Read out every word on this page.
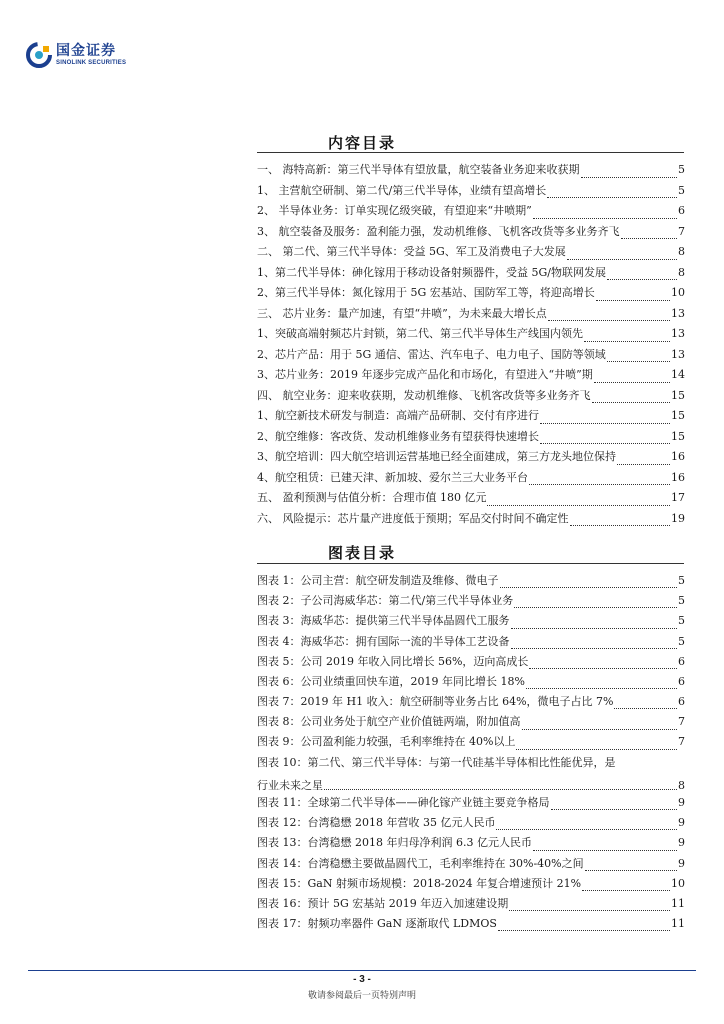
国金证券
SINOLINK SECURITIES
内容目录
一、 海特高新：第三代半导体有望放量，航空装备业务迎来收获期	5
1、 主营航空研制、第二代/第三代半导体，业绩有望高增长	5
2、 半导体业务：订单实现亿级突破，有望迎来“井喷期”	6
3、 航空装备及服务：盈利能力强，发动机维修、飞机客改货等多业务齐飞	7
二、 第二代、第三代半导体：受益 5G、军工及消费电子大发展	8
1、第二代半导体：砷化镓用于移动设备射频器件，受益 5G/物联网发展	8
2、第三代半导体：氮化镓用于 5G 宏基站、国防军工等，将迎高增长	10
三、 芯片业务：量产加速，有望“井喷”，为未来最大增长点	13
1、突破高端射频芯片封锁，第二代、第三代半导体生产线国内领先	13
2、芯片产品：用于 5G 通信、雷达、汽车电子、电力电子、国防等领域	13
3、芯片业务：2019 年逐步完成产品化和市场化，有望进入“井喷”期	14
四、 航空业务：迎来收获期，发动机维修、飞机客改货等多业务齐飞	15
1、航空新技术研发与制造：高端产品研制、交付有序进行	15
2、航空维修：客改货、发动机维修业务有望获得快速增长	15
3、航空培训：四大航空培训运营基地已经全面建成，第三方龙头地位保持	16
4、航空租赁：已建天津、新加坡、爱尔兰三大业务平台	16
五、 盈利预测与估值分析：合理市值 180 亿元	17
六、 风险提示：芯片量产进度低于预期；军品交付时间不确定性	19
图表目录
图表 1：公司主营：航空研发制造及维修、微电子	5
图表 2：子公司海威华芯：第二代/第三代半导体业务	5
图表 3：海威华芯：提供第三代半导体晶圆代工服务	5
图表 4：海威华芯：拥有国际一流的半导体工艺设备	5
图表 5：公司 2019 年收入同比增长 56%，迈向高成长	6
图表 6：公司业绩重回快车道，2019 年同比增长 18%	6
图表 7：2019 年 H1 收入：航空研制等业务占比 64%，微电子占比 7%	6
图表 8：公司业务处于航空产业价值链两端，附加值高	7
图表 9：公司盈利能力较强，毛利率维持在 40%以上	7
图表 10：第二代、第三代半导体：与第一代硅基半导体相比性能优异，是
行业未来之星	8
图表 11：全球第二代半导体——砷化镓产业链主要竞争格局	9
图表 12：台湾稳懋 2018 年营收 35 亿元人民币	9
图表 13：台湾稳懋 2018 年归母净利润 6.3 亿元人民币	9
图表 14：台湾稳懋主要做晶圆代工，毛利率维持在 30%-40%之间	9
图表 15：GaN 射频市场规模：2018-2024 年复合增速预计 21%	10
图表 16：预计 5G 宏基站 2019 年迈入加速建设期	11
图表 17：射频功率器件 GaN 逐渐取代 LDMOS	11
- 3 -
敬请参阅最后一页特别声明
